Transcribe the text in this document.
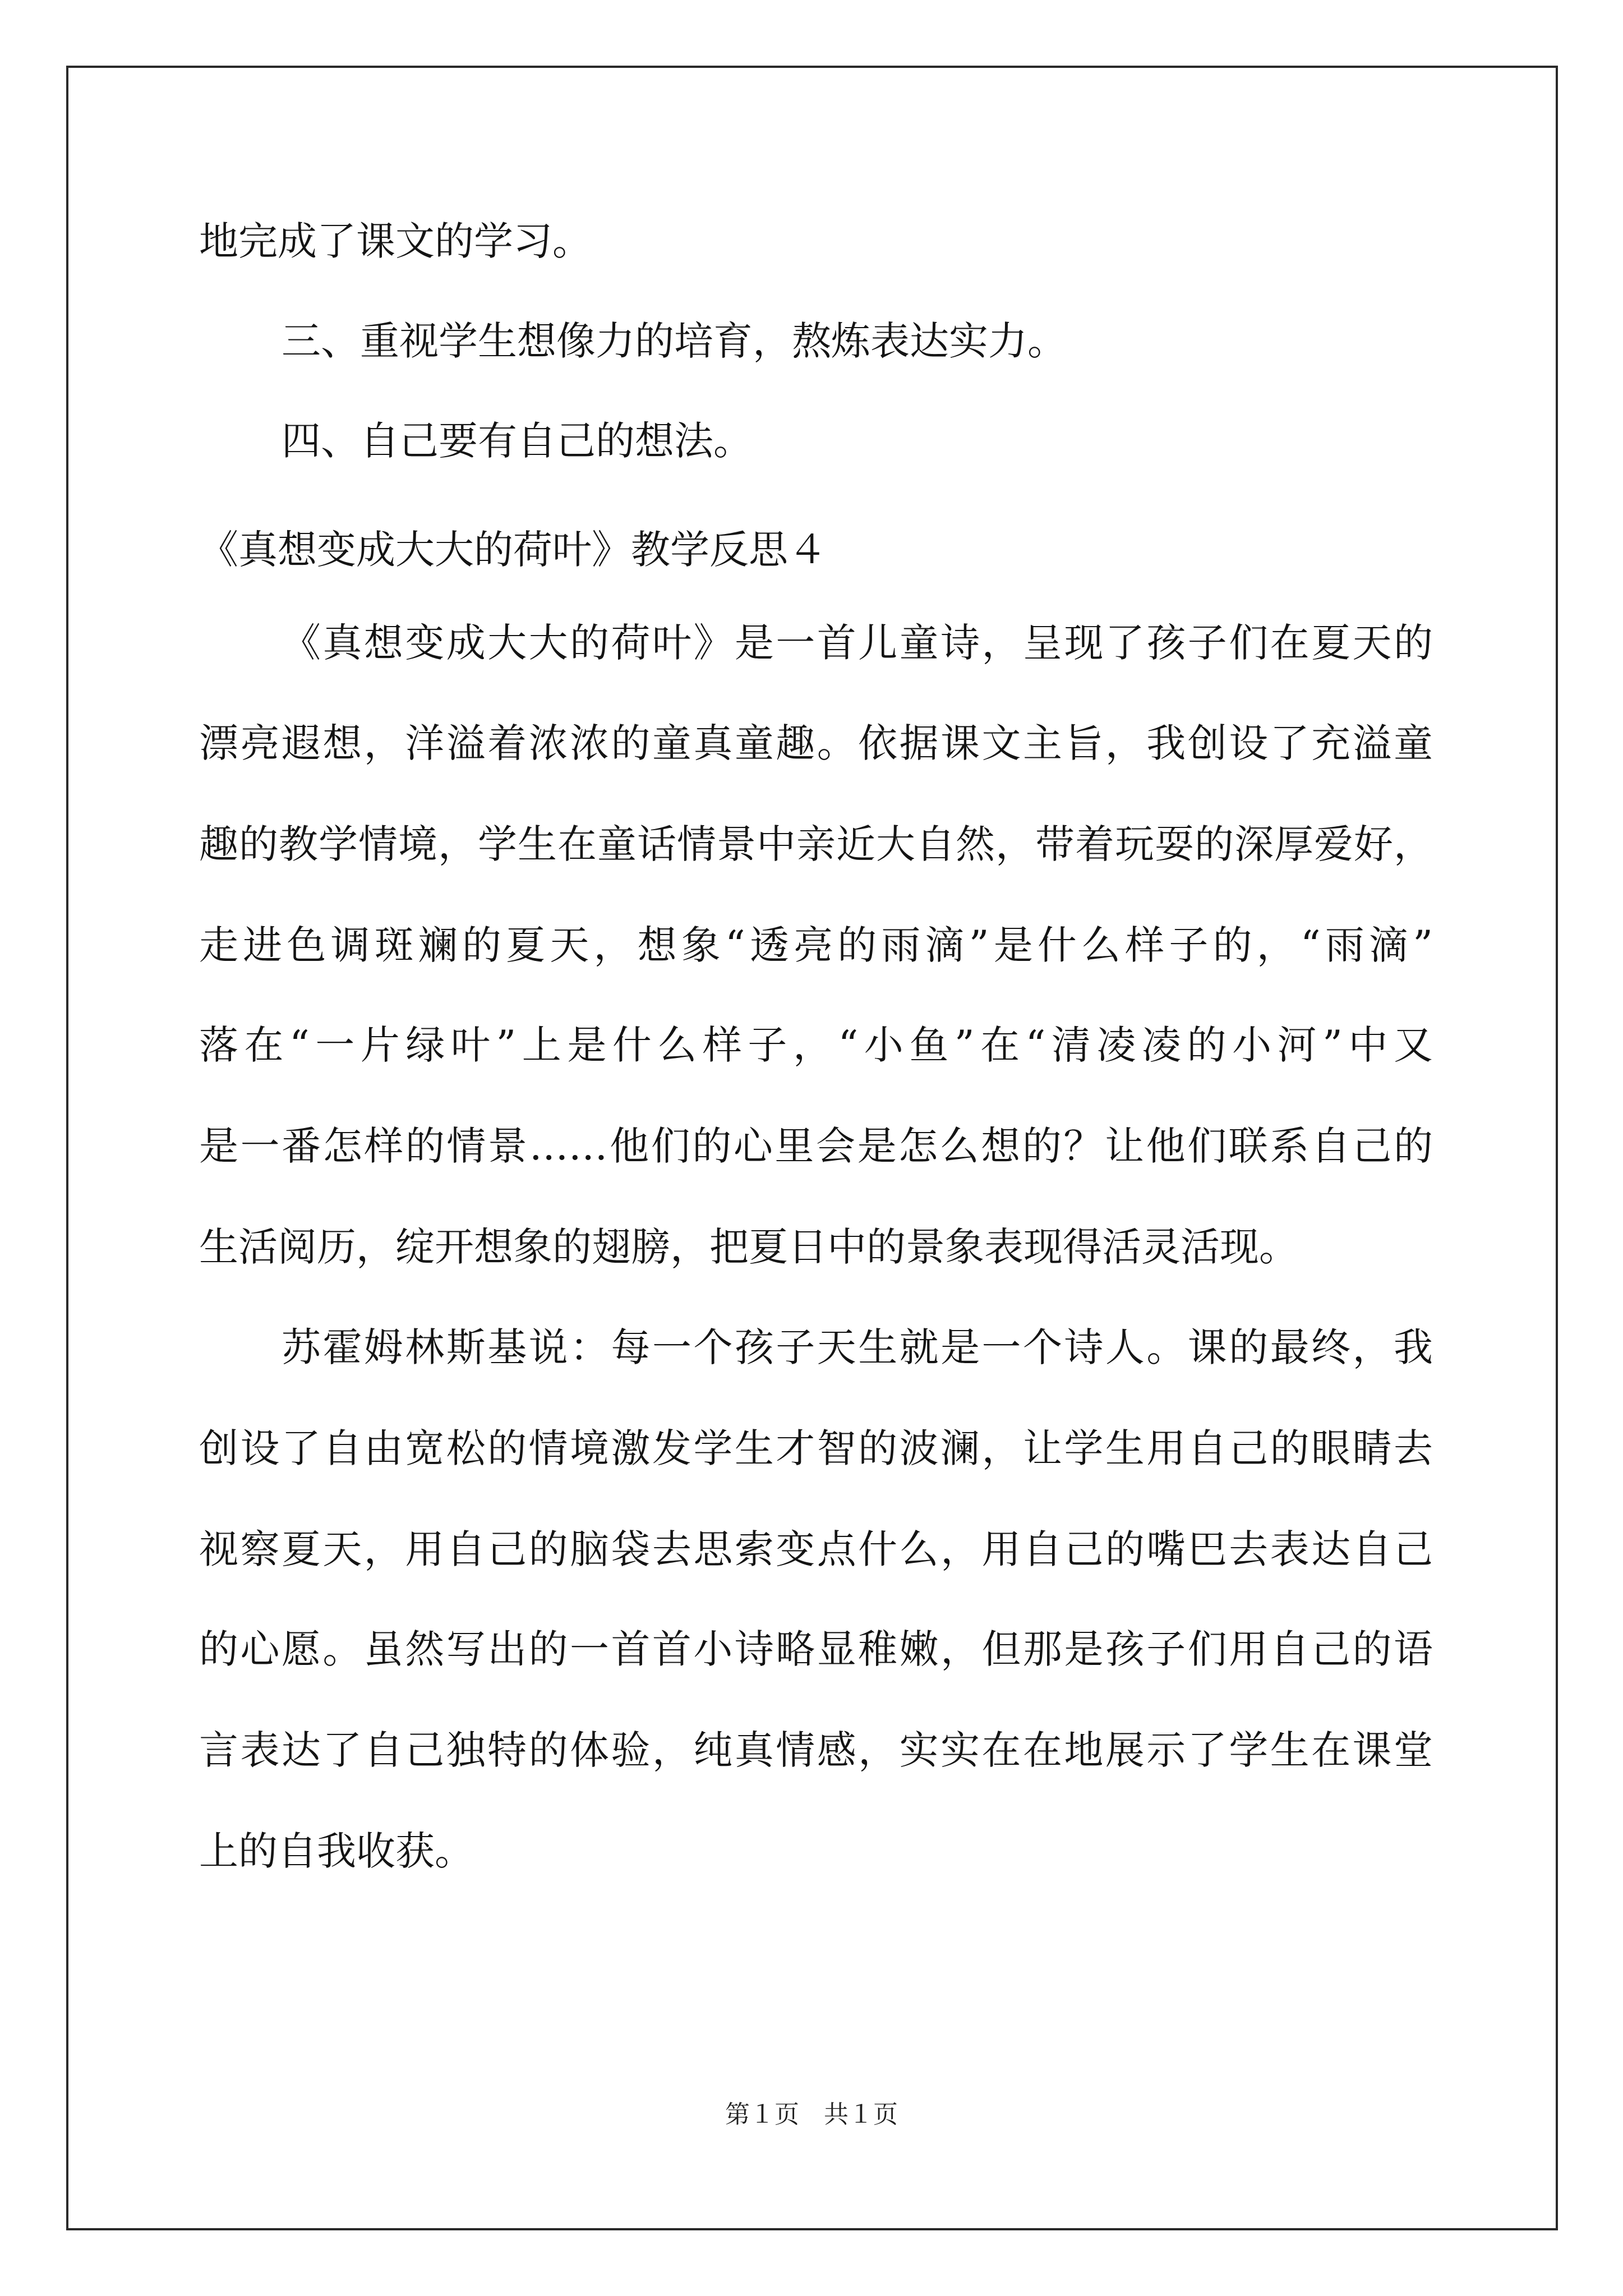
地完成了课文的学习。
三、重视学生想像力的培育，熬炼表达实力。
四、自己要有自己的想法。
《真想变成大大的荷叶》教学反思４
《真想变成大大的荷叶》是一首儿童诗，呈现了孩子们在夏天的
漂亮遐想，洋溢着浓浓的童真童趣。依据课文主旨，我创设了充溢童
趣的教学情境，学生在童话情景中亲近大自然，带着玩耍的深厚爱好，
走进色调斑斓的夏天，想象“透亮的雨滴”是什么样子的，“雨滴”
落在“一片绿叶”上是什么样子，“小鱼”在“清凌凌的小河”中又
是一番怎样的情景……他们的心里会是怎么想的？让他们联系自己的
生活阅历，绽开想象的翅膀，把夏日中的景象表现得活灵活现。
苏霍姆林斯基说：每一个孩子天生就是一个诗人。课的最终，我
创设了自由宽松的情境激发学生才智的波澜，让学生用自己的眼睛去
视察夏天，用自己的脑袋去思索变点什么，用自己的嘴巴去表达自己
的心愿。虽然写出的一首首小诗略显稚嫩，但那是孩子们用自己的语
言表达了自己独特的体验，纯真情感，实实在在地展示了学生在课堂
上的自我收获。
第１页　共１页
